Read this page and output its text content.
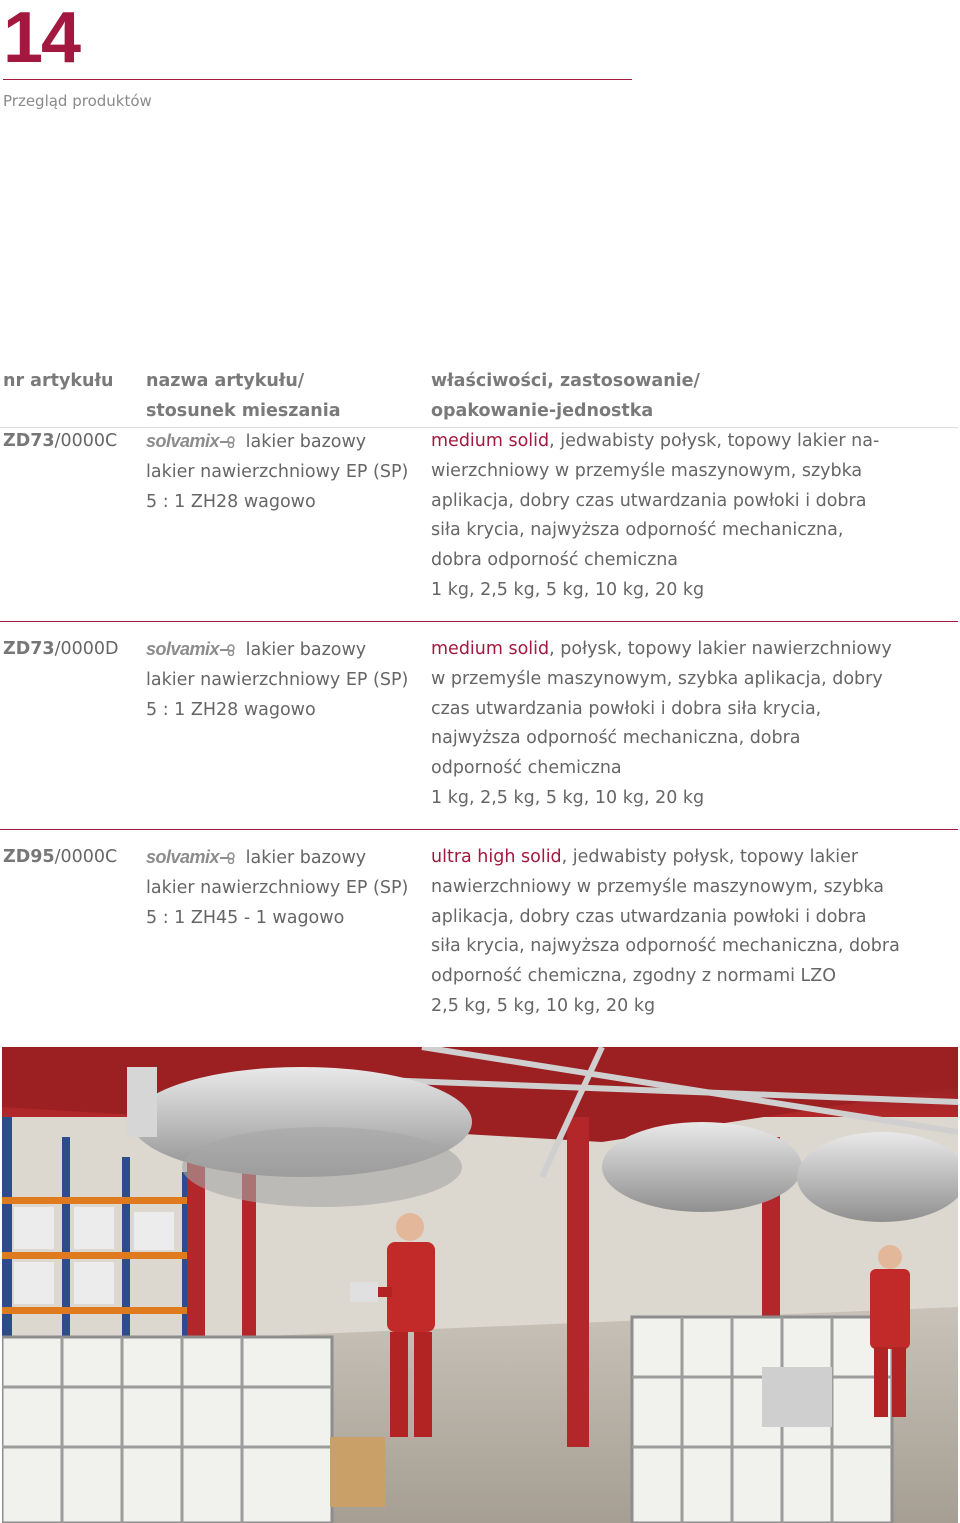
14
Przegląd produktów
nr artykułu nazwa artykułu/
stosunek mieszania
właściwości, zastosowanie/
opakowanie-jednostka
ZD73/0000C solvamix lakier bazowy
lakier nawierzchniowy EP (SP)
5 : 1 ZH28 wagowo
medium solid, jedwabisty połysk, topowy lakier na-
wierzchniowy w przemyśle maszynowym, szybka
aplikacja, dobry czas utwardzania powłoki i dobra
siła krycia, najwyższa odporność mechaniczna,
dobra odporność chemiczna
1 kg, 2,5 kg, 5 kg, 10 kg, 20 kg
ZD73/0000D solvamix lakier bazowy
lakier nawierzchniowy EP (SP)
5 : 1 ZH28 wagowo
medium solid, połysk, topowy lakier nawierzchniowy
w przemyśle maszynowym, szybka aplikacja, dobry
czas utwardzania powłoki i dobra siła krycia,
najwyższa odporność mechaniczna, dobra
odporność chemiczna
1 kg, 2,5 kg, 5 kg, 10 kg, 20 kg
ZD95/0000C solvamix lakier bazowy
lakier nawierzchniowy EP (SP)
5 : 1 ZH45 - 1 wagowo
ultra high solid, jedwabisty połysk, topowy lakier
nawierzchniowy w przemyśle maszynowym, szybka
aplikacja, dobry czas utwardzania powłoki i dobra
siła krycia, najwyższa odporność mechaniczna, dobra
odporność chemiczna, zgodny z normami LZO
2,5 kg, 5 kg, 10 kg, 20 kg
